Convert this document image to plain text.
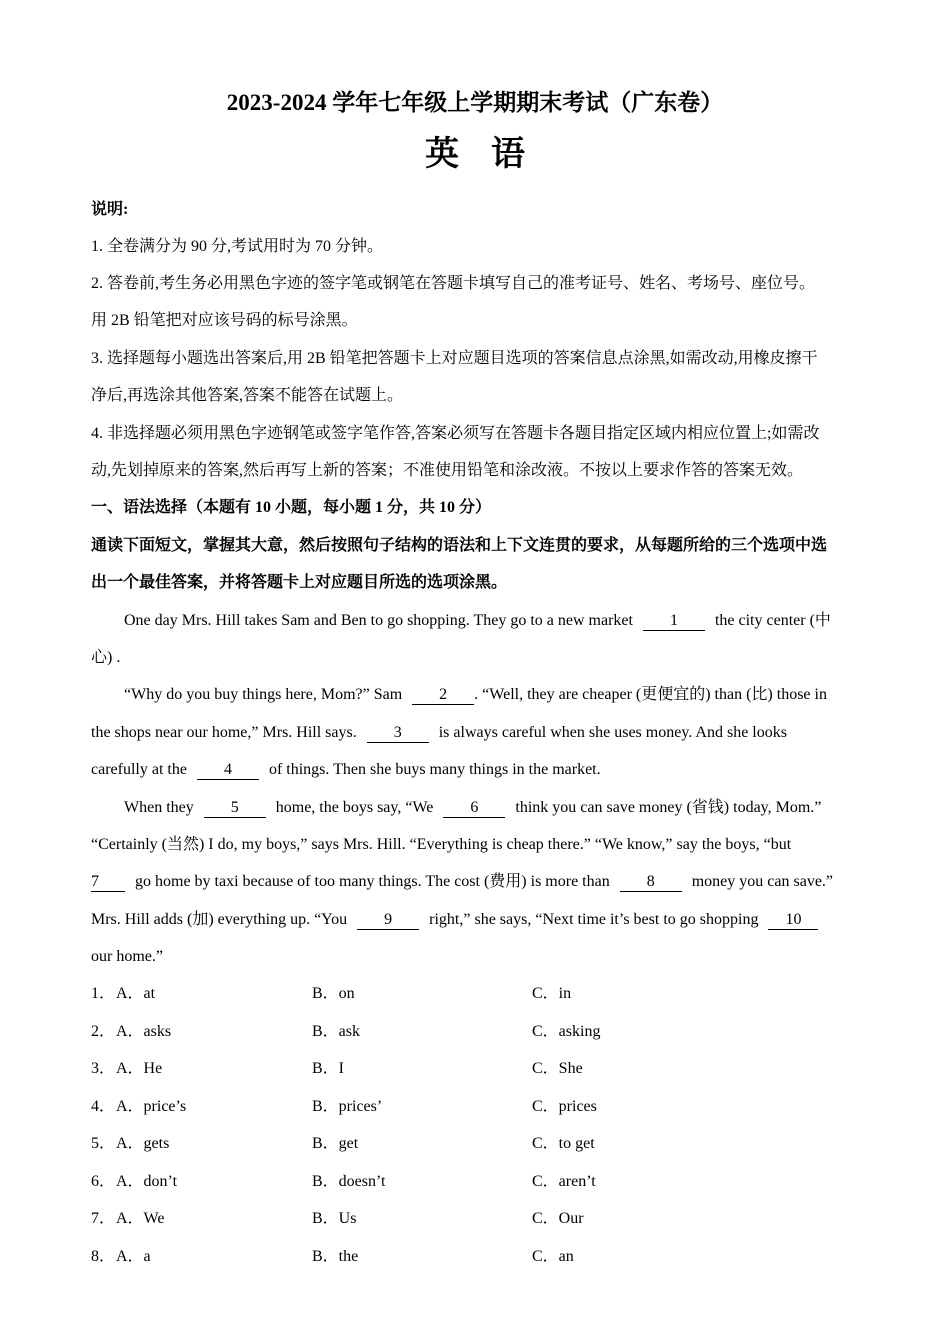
2023-2024 学年七年级上学期期末考试（广东卷）
英语
说明:
1. 全卷满分为 90 分,考试用时为 70 分钟。
2. 答卷前,考生务必用黑色字迹的签字笔或钢笔在答题卡填写自己的准考证号、姓名、考场号、座位号。
用 2B 铅笔把对应该号码的标号涂黑。
3. 选择题每小题选出答案后,用 2B 铅笔把答题卡上对应题目选项的答案信息点涂黑,如需改动,用橡皮擦干
净后,再选涂其他答案,答案不能答在试题上。
4. 非选择题必须用黑色字迹钢笔或签字笔作答,答案必须写在答题卡各题目指定区域内相应位置上;如需改
动,先划掉原来的答案,然后再写上新的答案；不准使用铅笔和涂改液。不按以上要求作答的答案无效。
一、语法选择（本题有 10 小题，每小题 1 分，共 10 分）
通读下面短文，掌握其大意，然后按照句子结构的语法和上下文连贯的要求，从每题所给的三个选项中选
出一个最佳答案，并将答题卡上对应题目所选的选项涂黑。
One day Mrs. Hill takes Sam and Ben to go shopping. They go to a new market 1 the city center (中
心) .
“Why do you buy things here, Mom?” Sam 2 . “Well, they are cheaper (更便宜的) than (比) those in
the shops near our home,” Mrs. Hill says. 3 is always careful when she uses money. And she looks
carefully at the 4 of things. Then she buys many things in the market.
When they 5 home, the boys say, “We 6 think you can save money (省钱) today, Mom.”
“Certainly (当然) I do, my boys,” says Mrs. Hill. “Everything is cheap there.” “We know,” say the boys, “but
7 go home by taxi because of too many things. The cost (费用) is more than 8 money you can save.”
Mrs. Hill adds (加) everything up. “You 9 right,” she says, “Next time it’s best to go shopping 10
our home.”
1． A．at	B．on	C．in
2． A．asks	B．ask	C．asking
3． A．He	B．I	C．She
4． A．price’s	B．prices’	C．prices
5． A．gets	B．get	C．to get
6． A．don’t	B．doesn’t	C．aren’t
7． A．We	B．Us	C．Our
8． A．a	B．the	C．an
